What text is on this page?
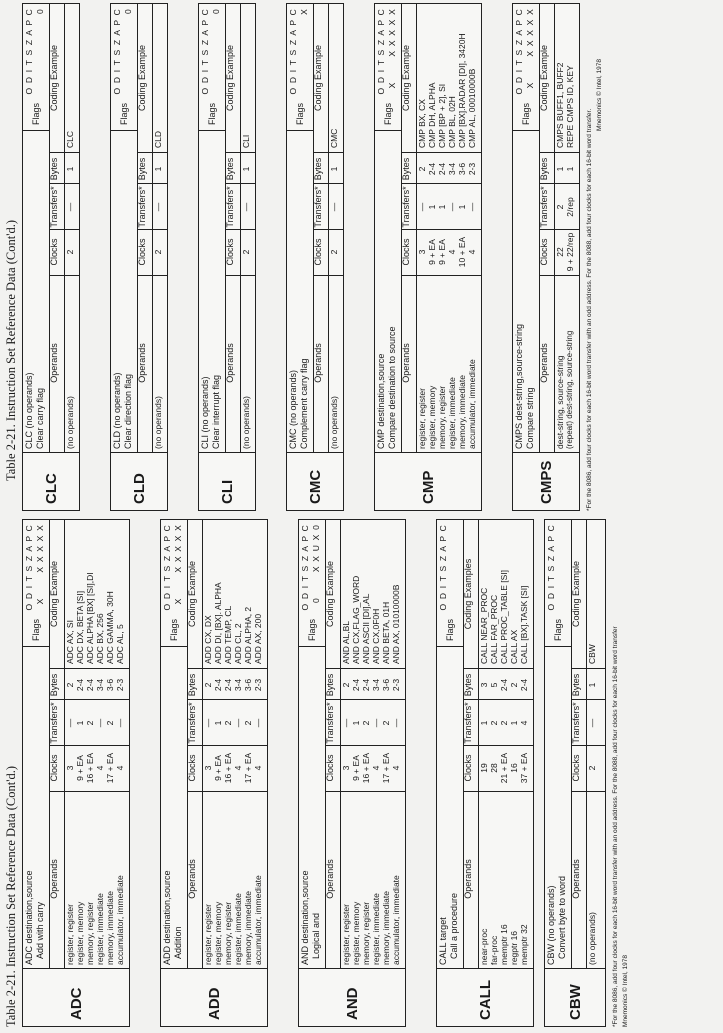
Table 2-21. Instruction Set Reference Data (Cont'd.)	ADC
ADC destination,source Add with carry
Flags
O D I T S Z A P C X       X X X X X
Operands
Clocks
Transfers*
Bytes
Coding Example
register, register
3
—
2
ADC AX, SI
register, memory
9 + EA
1
2-4
ADC DX, BETA [SI]
memory, register
16 + EA
2
2-4
ADC ALPHA [BX] [SI],DI
register, immediate
4
—
3-4
ADC BX, 256
memory, immediate
17 + EA
2
3-6
ADC GAMMA, 30H
accumulator, immediate
4
—
2-3
ADC AL, 5
ADD
ADD destination,source Addition
Flags
O D I T S Z A P C X       X X X X X
Operands
Clocks
Transfers*
Bytes
Coding Example
register, register
3
—
2
ADD CX, DX
register, memory
9 + EA
1
2-4
ADD DI, [BX]. ALPHA
memory, register
16 + EA
2
2-4
ADD TEMP, CL
register, immediate
4
—
3-4
ADD CL, 2
memory, immediate
17 + EA
2
3-6
ADD ALPHA, 2
accumulator, immediate
4
—
2-3
ADD AX, 200
AND
AND destination,source Logical and
Flags
O D I T S Z A P C 0       X X U X 0
Operands
Clocks
Transfers*
Bytes
Coding Example
register, register
3
—
2
AND AL,BL
register, memory
9 + EA
1
2-4
AND CX,FLAG_WORD
memory, register
16 + EA
2
2-4
AND ASCII [DI],AL
register, immediate
4
—
3-4
AND CX,0F0H
memory, immediate
17 + EA
2
3-6
AND BETA, 01H
accumulator, immediate
4
—
2-3
AND AX, 01010000B
CALL
CALL target Call a procedure
Flags
O D I T S Z A P C
Operands
Clocks
Transfers*
Bytes
Coding Examples
near-proc
19
1
3
CALL NEAR_PROC
far-proc
28
2
5
CALL FAR_PROC
memptr 16
21 + EA
2
2-4
CALL PROC_TABLE [SI]
regptr 16
16
1
2
CALL AX
memptr 32
37 + EA
4
2-4
CALL [BX].TASK [SI]
CBW
CBW (no operands) Convert byte to word
Flags
O D I T S Z A P C
Operands
Clocks
Transfers*
Bytes
Coding Example
(no operands)
2
—
1
CBW *For the 8086, add four clocks for each 16-bit word transfer with an odd address. For the 8088, add four clocks for each 16-bit word transfer Mnemonics © Intel, 1978
Table 2-21. Instruction Set Reference Data (Cont'd.)
CLC
CLC (no operands) Clear carry flag
Flags
O D I T S Z A P C 0
Operands
Clocks
Transfers*
Bytes
Coding Example
(no operands)
2
—
1
CLC
CLD
CLD (no operands) Clear direction flag
Flags
O D I T S Z A P C 0
Operands
Clocks
Transfers*
Bytes
Coding Example
(no operands)
2
—
1
CLD
CLI
CLI (no operands) Clear interrupt flag
Flags
O D I T S Z A P C 0
Operands
Clocks
Transfers*
Bytes
Coding Example
(no operands)
2
—
1
CLI
CMC
CMC (no operands) Complement carry flag
Flags
O D I T S Z A P C X
Operands
Clocks
Transfers*
Bytes
Coding Example
(no operands)
2
—
1
CMC
CMP
CMP destination,source Compare destination to source
Flags
O D I T S Z A P C X       X X X X X
Operands
Clocks
Transfers*
Bytes
Coding Example
register, register
3
—
2
CMP BX, CX
register, memory
9 + EA
1
2-4
CMP DH, ALPHA
memory, register
9 + EA
1
2-4
CMP [BP + 2], SI
register, immediate
4
—
3-4
CMP BL, 02H
memory, immediate
10 + EA
1
3-6
CMP [BX].RADAR [DI], 3420H
accumulator, immediate
4
—
2-3
CMP AL, 00010000B
CMPS
CMPS dest-string,source-string Compare string
Flags
O D I T S Z A P C X       X X X X X
Operands
Clocks
Transfers*
Bytes
Coding Example
dest-string, source-string
22
2
1
CMPS BUFF1, BUFF2
(repeat) dest-string, source-string
9 + 22/rep
2/rep
1
REPE CMPS ID, KEY
*For the 8086, add four clocks for each 16-bit word transfer with an odd address. For the 8088, add four clocks for each 16-bit word transfer.
Mnemonics © Intel, 1978
